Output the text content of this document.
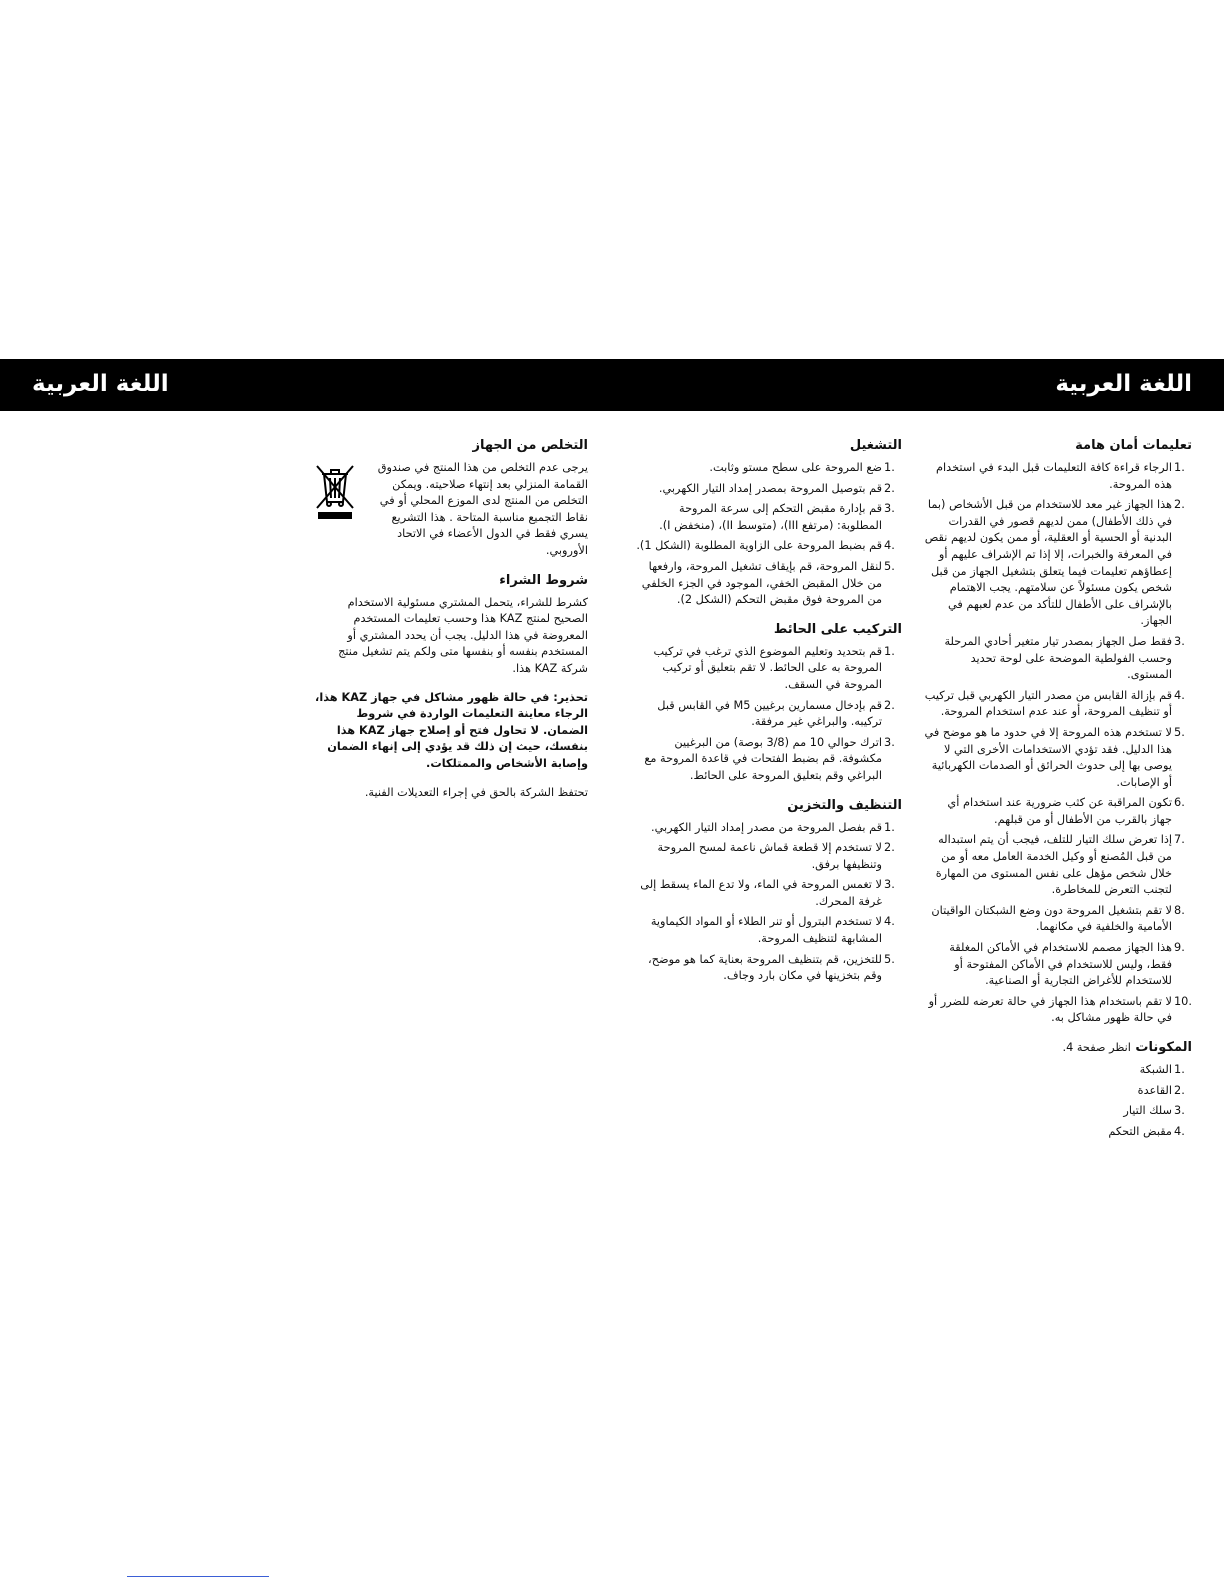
اللغة العربية
اللغة العربية
تعليمات أمان هامة
الرجاء قراءة كافة التعليمات قبل البدء في استخدام هذه المروحة.
هذا الجهاز غير معد للاستخدام من قبل الأشخاص (بما في ذلك الأطفال) ممن لديهم قصور في القدرات البدنية أو الحسية أو العقلية، أو ممن يكون لديهم نقص في المعرفة والخبرات، إلا إذا تم الإشراف عليهم أو إعطاؤهم تعليمات فيما يتعلق بتشغيل الجهاز من قبل شخص يكون مسئولاً عن سلامتهم. يجب الاهتمام بالإشراف على الأطفال للتأكد من عدم لعبهم في الجهاز.
فقط صل الجهاز بمصدر تيار متغير أحادي المرحلة وحسب الفولطية الموضحة على لوحة تحديد المستوى.
قم بإزالة القابس من مصدر التيار الكهربي قبل تركيب أو تنظيف المروحة، أو عند عدم استخدام المروحة.
لا تستخدم هذه المروحة إلا في حدود ما هو موضح في هذا الدليل. فقد تؤدي الاستخدامات الأخرى التي لا يوصى بها إلى حدوث الحرائق أو الصدمات الكهربائية أو الإصابات.
تكون المراقبة عن كثب ضرورية عند استخدام أي جهاز بالقرب من الأطفال أو من قبلهم.
إذا تعرض سلك التيار للتلف، فيجب أن يتم استبداله من قبل المُصنع أو وكيل الخدمة العامل معه أو من خلال شخص مؤهل على نفس المستوى من المهارة لتجنب التعرض للمخاطرة.
لا تقم بتشغيل المروحة دون وضع الشبكتان الواقيتان الأمامية والخلفية في مكانهما.
هذا الجهاز مصمم للاستخدام في الأماكن المغلقة فقط، وليس للاستخدام في الأماكن المفتوحة أو للاستخدام للأغراض التجارية أو الصناعية.
لا تقم باستخدام هذا الجهاز في حالة تعرضه للضرر أو في حالة ظهور مشاكل به.
المكونات انظر صفحة 4.
الشبكة
القاعدة
سلك التيار
مقبض التحكم
التشغيل
ضع المروحة على سطح مستو وثابت.
قم بتوصيل المروحة بمصدر إمداد التيار الكهربي.
قم بإدارة مقبض التحكم إلى سرعة المروحة المطلوبة: (مرتفع III)، (متوسط II)، (منخفض I).
قم بضبط المروحة على الزاوية المطلوبة (الشكل 1).
لنقل المروحة، قم بإيقاف تشغيل المروحة، وارفعها من خلال المقبض الخفي، الموجود في الجزء الخلفي من المروحة فوق مقبض التحكم (الشكل 2).
التركيب على الحائط
قم بتحديد وتعليم الموضوع الذي ترغب في تركيب المروحة به على الحائط. لا تقم بتعليق أو تركيب المروحة في السقف.
قم بإدخال مسمارين برغيين M5 في القابس قبل تركيبه. والبراغي غير مرفقة.
اترك حوالي 10 مم (3/8 بوصة) من البرغيين مكشوفة. قم بضبط الفتحات في قاعدة المروحة مع البراغي وقم بتعليق المروحة على الحائط.
التنظيف والتخزين
قم بفصل المروحة من مصدر إمداد التيار الكهربي.
لا تستخدم إلا قطعة قماش ناعمة لمسح المروحة وتنظيفها برفق.
لا تغمس المروحة في الماء، ولا تدع الماء يسقط إلى غرفة المحرك.
لا تستخدم البترول أو تنر الطلاء أو المواد الكيماوية المشابهة لتنظيف المروحة.
للتخزين، قم بتنظيف المروحة بعناية كما هو موضح، وقم بتخزينها في مكان بارد وجاف.
التخلص من الجهاز
يرجى عدم التخلص من هذا المنتج في صندوق القمامة المنزلي بعد إنتهاء صلاحيته. ويمكن التخلص من المنتج لدى الموزع المحلي أو في نقاط التجميع مناسبة المتاحة . هذا التشريع يسري فقط في الدول الأعضاء في الاتحاد الأوروبي.
شروط الشراء

كشرط للشراء، يتحمل المشتري مسئولية الاستخدام الصحيح لمنتج KAZ هذا وحسب تعليمات المستخدم المعروضة في هذا الدليل. يجب أن يحدد المشتري أو المستخدم بنفسه أو بنفسها متى ولكم يتم تشغيل منتج شركة KAZ هذا.

تحذير: في حالة ظهور مشاكل في جهاز KAZ هذا، الرجاء معاينة التعليمات الواردة في شروط الضمان. لا تحاول فتح أو إصلاح جهاز KAZ هذا بنفسك، حيث إن ذلك قد يؤدي إلى إنهاء الضمان وإصابة الأشخاص والممتلكات.

تحتفظ الشركة بالحق في إجراء التعديلات الفنية.
